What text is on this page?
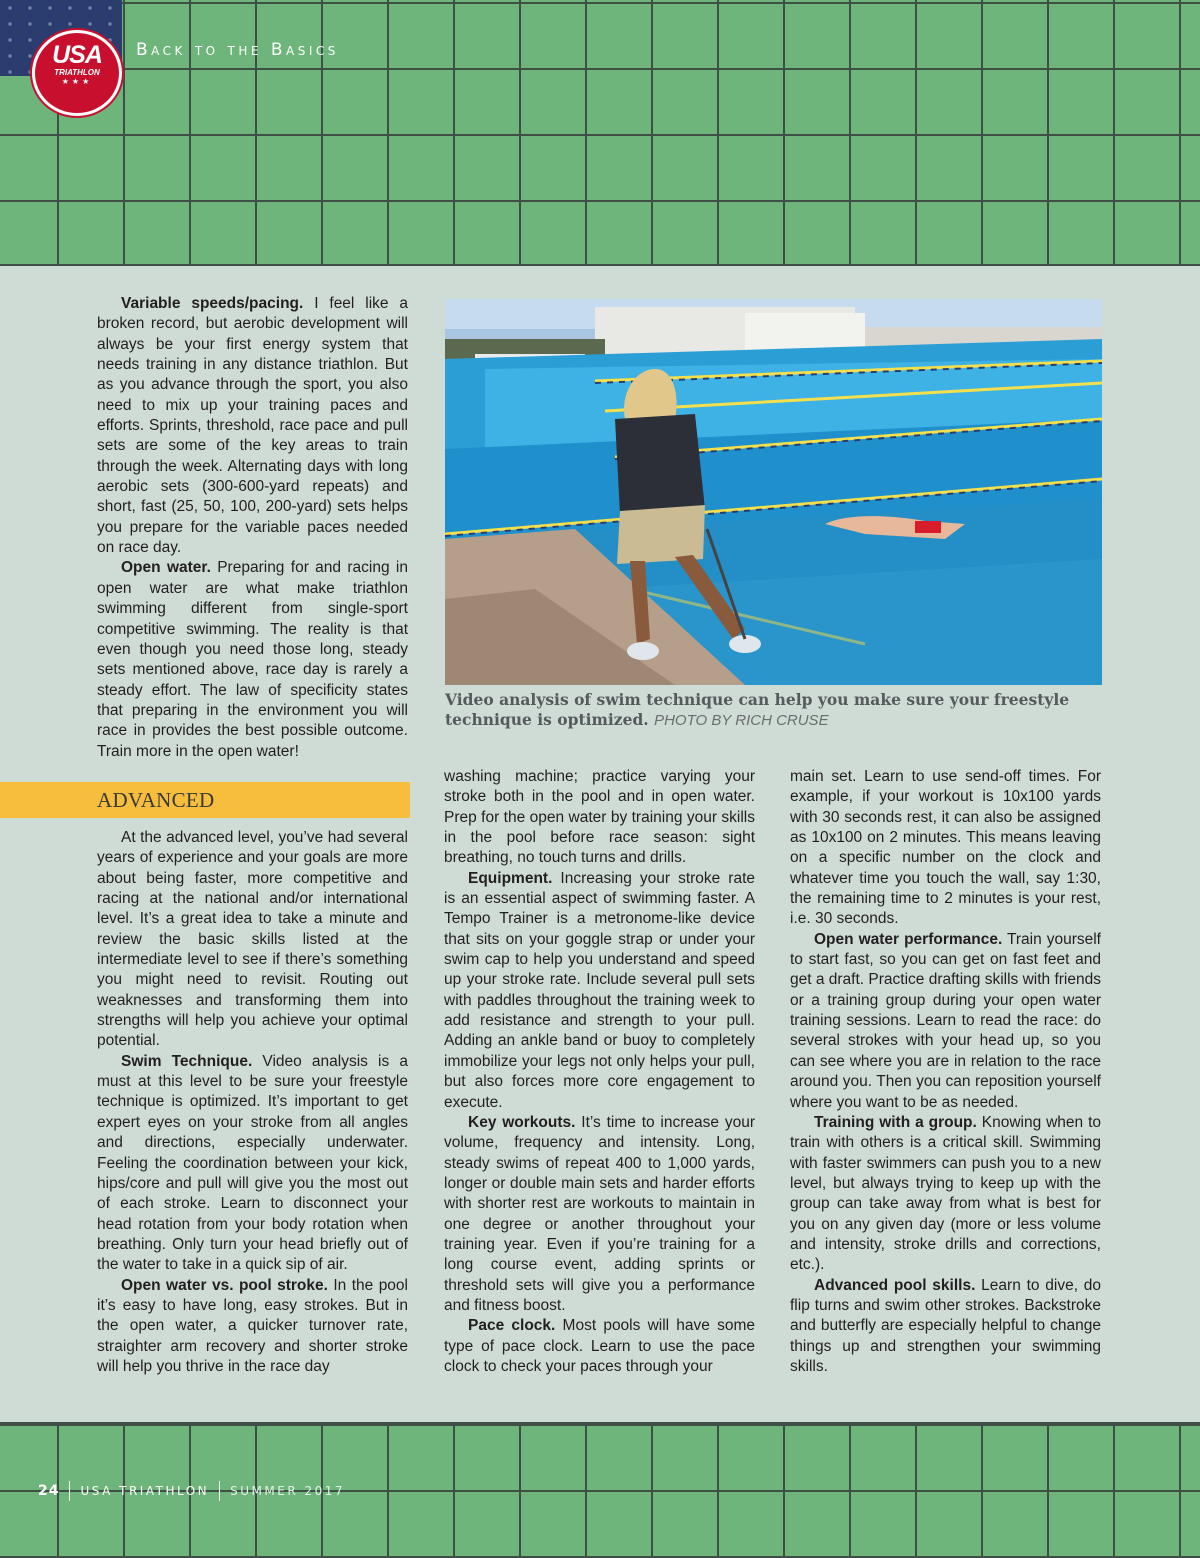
USA
TRIATHLON
★★★
Back to the Basics
Video analysis of swim technique can help you make sure your freestyle technique is optimized. PHOTO BY RICH CRUSE

Variable speeds/pacing. I feel like a broken record, but aerobic development will always be your first energy system that needs training in any distance triathlon. But as you advance through the sport, you also need to mix up your training paces and efforts. Sprints, threshold, race pace and pull sets are some of the key areas to train through the week. Alternating days with long aerobic sets (300-600-yard repeats) and short, fast (25, 50, 100, 200-yard) sets helps you prepare for the variable paces needed on race day.

Open water. Preparing for and racing in open water are what make triathlon swimming different from single-sport competitive swimming. The reality is that even though you need those long, steady sets mentioned above, race day is rarely a steady effort. The law of specificity states that preparing in the environment you will race in provides the best possible outcome. Train more in the open water!

ADVANCED

At the advanced level, you’ve had several years of experience and your goals are more about being faster, more competitive and racing at the national and/or international level. It’s a great idea to take a minute and review the basic skills listed at the intermediate level to see if there’s something you might need to revisit. Routing out weaknesses and transforming them into strengths will help you achieve your optimal potential.

Swim Technique. Video analysis is a must at this level to be sure your freestyle technique is optimized. It’s important to get expert eyes on your stroke from all angles and directions, especially underwater. Feeling the coordination between your kick, hips/core and pull will give you the most out of each stroke. Learn to disconnect your head rotation from your body rotation when breathing. Only turn your head briefly out of the water to take in a quick sip of air.

Open water vs. pool stroke. In the pool it’s easy to have long, easy strokes. But in the open water, a quicker turnover rate, straighter arm recovery and shorter stroke will help you thrive in the race day

washing machine; practice varying your stroke both in the pool and in open water. Prep for the open water by training your skills in the pool before race season: sight breathing, no touch turns and drills.

Equipment. Increasing your stroke rate is an essential aspect of swimming faster. A Tempo Trainer is a metronome-like device that sits on your goggle strap or under your swim cap to help you understand and speed up your stroke rate. Include several pull sets with paddles throughout the training week to add resistance and strength to your pull. Adding an ankle band or buoy to completely immobilize your legs not only helps your pull, but also forces more core engagement to execute.

Key workouts. It’s time to increase your volume, frequency and intensity. Long, steady swims of repeat 400 to 1,000 yards, longer or double main sets and harder efforts with shorter rest are workouts to maintain in one degree or another throughout your training year. Even if you’re training for a long course event, adding sprints or threshold sets will give you a performance and fitness boost.

Pace clock. Most pools will have some type of pace clock. Learn to use the pace clock to check your paces through your

main set. Learn to use send-off times. For example, if your workout is 10x100 yards with 30 seconds rest, it can also be assigned as 10x100 on 2 minutes. This means leaving on a specific number on the clock and whatever time you touch the wall, say 1:30, the remaining time to 2 minutes is your rest, i.e. 30 seconds.

Open water performance. Train yourself to start fast, so you can get on fast feet and get a draft. Practice drafting skills with friends or a training group during your open water training sessions. Learn to read the race: do several strokes with your head up, so you can see where you are in relation to the race around you. Then you can reposition yourself where you want to be as needed.

Training with a group. Knowing when to train with others is a critical skill. Swimming with faster swimmers can push you to a new level, but always trying to keep up with the group can take away from what is best for you on any given day (more or less volume and intensity, stroke drills and corrections, etc.).

Advanced pool skills. Learn to dive, do flip turns and swim other strokes. Backstroke and butterfly are especially helpful to change things up and strengthen your swimming skills.

24 USA TRIATHLON SUMMER 2017
